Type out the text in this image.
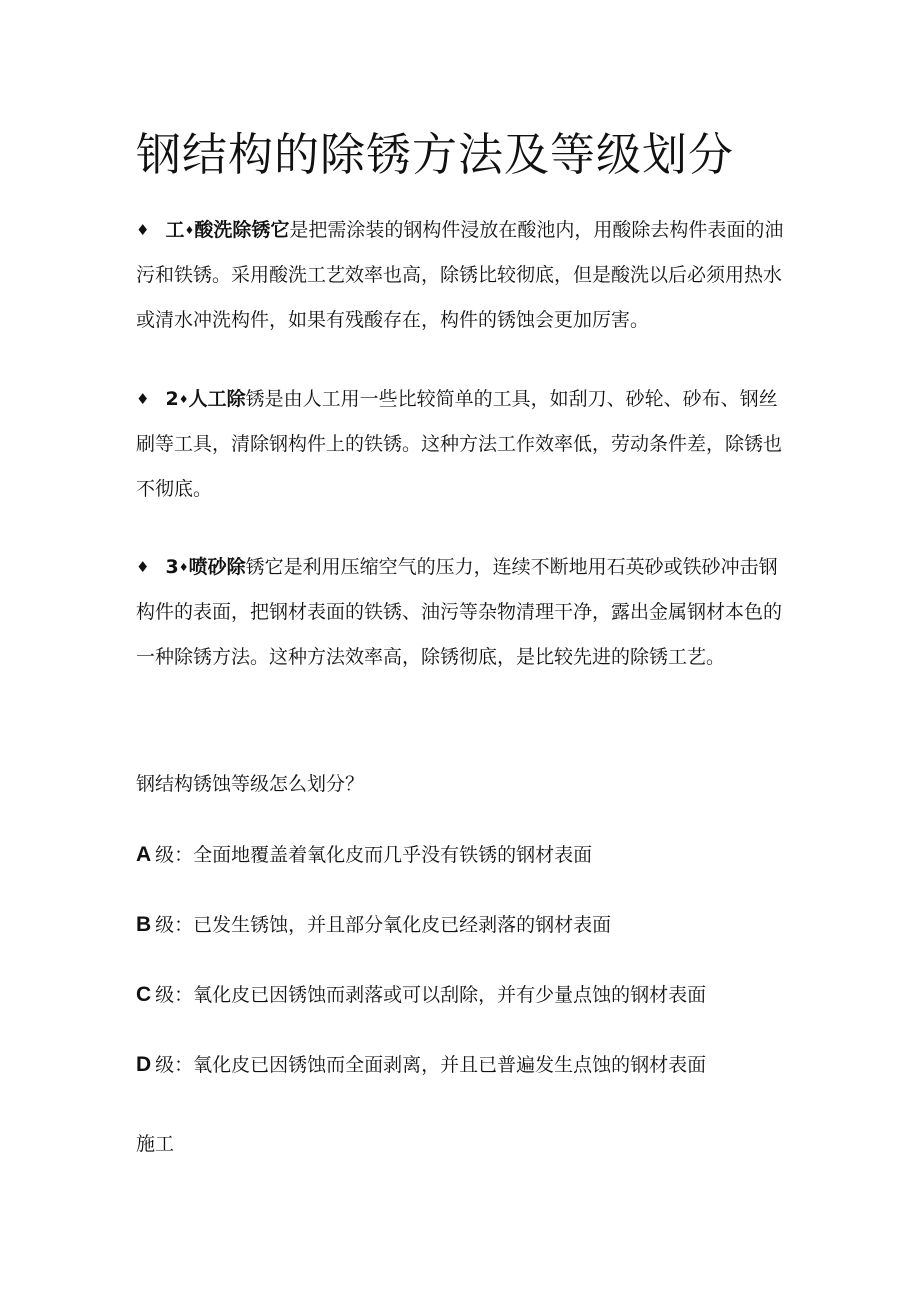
钢结构的除锈方法及等级划分

♦ 工♦酸洗除锈它是把需涂装的钢构件浸放在酸池内，用酸除去构件表面的油污和铁锈。采用酸洗工艺效率也高，除锈比较彻底，但是酸洗以后必须用热水或清水冲洗构件，如果有残酸存在，构件的锈蚀会更加厉害。

♦ 2♦人工除锈是由人工用一些比较简单的工具，如刮刀、砂轮、砂布、钢丝刷等工具，清除钢构件上的铁锈。这种方法工作效率低，劳动条件差，除锈也不彻底。

♦ 3♦喷砂除锈它是利用压缩空气的压力，连续不断地用石英砂或铁砂冲击钢构件的表面，把钢材表面的铁锈、油污等杂物清理干净，露出金属钢材本色的一种除锈方法。这种方法效率高，除锈彻底，是比较先进的除锈工艺。

钢结构锈蚀等级怎么划分？

A 级：全面地覆盖着氧化皮而几乎没有铁锈的钢材表面

B 级：已发生锈蚀，并且部分氧化皮已经剥落的钢材表面

C 级：氧化皮已因锈蚀而剥落或可以刮除，并有少量点蚀的钢材表面

D 级：氧化皮已因锈蚀而全面剥离，并且已普遍发生点蚀的钢材表面

施工
